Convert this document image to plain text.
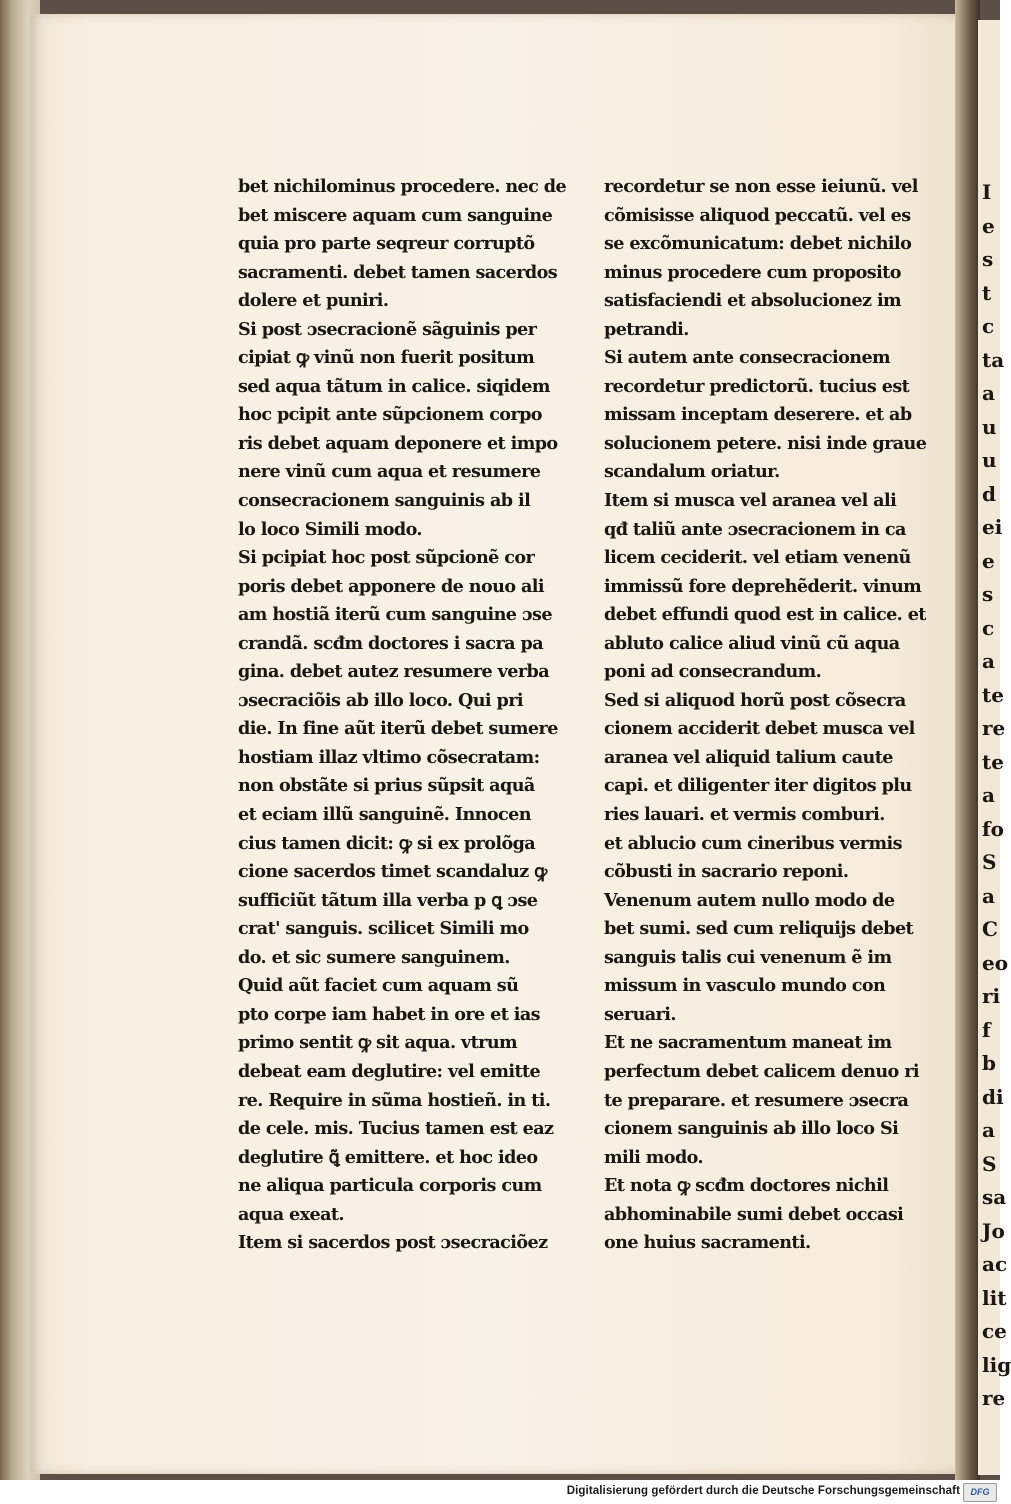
I
e
s
t
c
ta
a
u
u
d
ei
e
s
c
a
te
re
te
a
fo
S
a
C
eo
ri
f
b
di
a
S
sa
Jo
ac
lit
ce
lig
re
bet nichilominus procedere. nec de
bet miscere aquam cum sanguine
quia pro parte seqreur corruptõ
sacramenti. debet tamen sacerdos
dolere et puniri.
Si post ɔsecracionẽ sãguinis per
cipiat ꝙ vinũ non fuerit positum
sed aqua tãtum in calice. siqidem
hoc pcipit ante sũpcionem corpo
ris debet aquam deponere et impo
nere vinũ cum aqua et resumere
consecracionem sanguinis ab il
lo loco Simili modo.
Si pcipiat hoc post sũpcionẽ cor
poris debet apponere de nouo ali
am hostiã iterũ cum sanguine ɔse
crandã. scđm doctores i sacra pa
gina. debet autez resumere verba
ɔsecraciõis ab illo loco. Qui pri
die. In fine aũt iterũ debet sumere
hostiam illaz vltimo cõsecratam:
non obstãte si prius sũpsit aquã
et eciam illũ sanguinẽ. Innocen
cius tamen dicit: ꝙ si ex prolõga
cione sacerdos timet scandaluz ꝙ
sufficiũt tãtum illa verba p ꝗ ɔse
crat' sanguis. scilicet Simili mo
do. et sic sumere sanguinem.
Quid aũt faciet cum aquam sũ
pto corpe iam habet in ore et ias
primo sentit ꝙ sit aqua. vtrum
debeat eam deglutire: vel emitte
re. Require in sũma hostieñ. in ti.
de cele. mis. Tucius tamen est eaz
deglutire ꝗ̃ emittere. et hoc ideo
ne aliqua particula corporis cum
aqua exeat.
Item si sacerdos post ɔsecraciõez
recordetur se non esse ieiunũ. vel
cõmisisse aliquod peccatũ. vel es
se excõmunicatum: debet nichilo
minus procedere cum proposito
satisfaciendi et absolucionez im
petrandi.
Si autem ante consecracionem
recordetur predictorũ. tucius est
missam inceptam deserere. et ab
solucionem petere. nisi inde graue
scandalum oriatur.
Item si musca vel aranea vel ali
qđ taliũ ante ɔsecracionem in ca
licem ceciderit. vel etiam venenũ
immissũ fore deprehẽderit. vinum
debet effundi quod est in calice. et
abluto calice aliud vinũ cũ aqua
poni ad consecrandum.
Sed si aliquod horũ post cõsecra
cionem acciderit debet musca vel
aranea vel aliquid talium caute
capi. et diligenter iter digitos plu
ries lauari. et vermis comburi.
et ablucio cum cineribus vermis
cõbusti in sacrario reponi.
Venenum autem nullo modo de
bet sumi. sed cum reliquijs debet
sanguis talis cui venenum ẽ im
missum in vasculo mundo con
seruari.
Et ne sacramentum maneat im
perfectum debet calicem denuo ri
te preparare. et resumere ɔsecra
cionem sanguinis ab illo loco Si
mili modo.
Et nota ꝙ scđm doctores nichil
abhominabile sumi debet occasi
one huius sacramenti.
Digitalisierung gefördert durch die Deutsche Forschungsgemeinschaft	DFG
